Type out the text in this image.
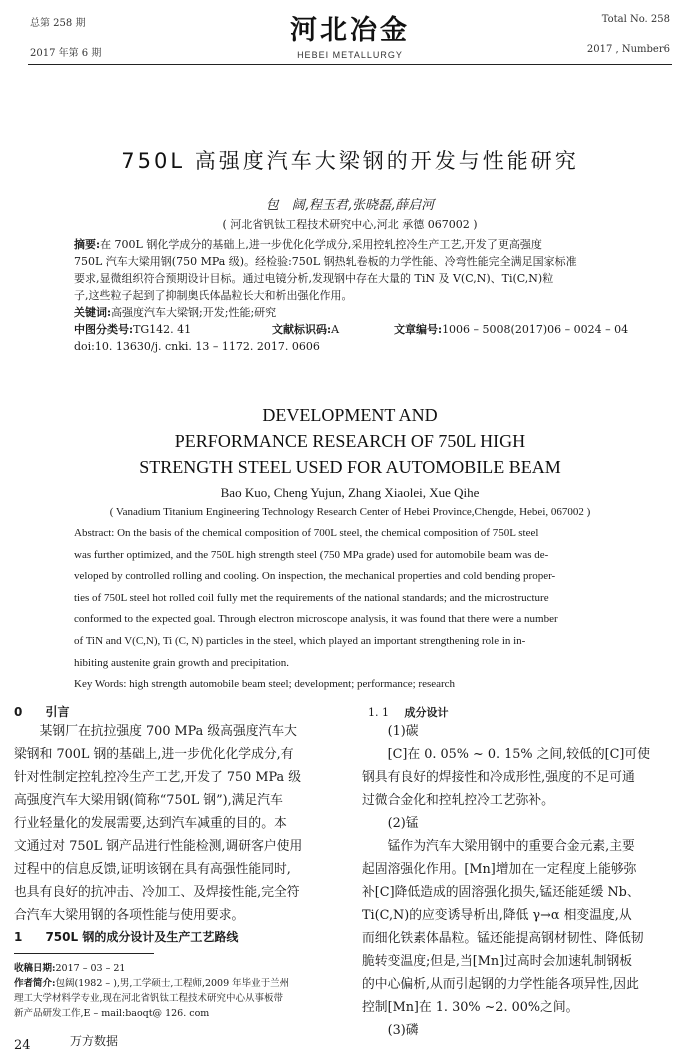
总第 258 期
2017 年第 6 期
河北冶金
HEBEI METALLURGY
Total No. 258
2017 , Number6
750L 高强度汽车大梁钢的开发与性能研究
包　阔,程玉君,张晓磊,薛启河
( 河北省钒钛工程技术研究中心,河北 承德 067002 )
摘要:在 700L 钢化学成分的基础上,进一步优化化学成分,采用控轧控冷生产工艺,开发了更高强度
750L 汽车大梁用钢(750 MPa 级)。经检验:750L 钢热轧卷板的力学性能、冷弯性能完全满足国家标准
要求,显微组织符合预期设计目标。通过电镜分析,发现钢中存在大量的 TiN 及 V(C,N)、Ti(C,N)粒
子,这些粒子起到了抑制奥氏体晶粒长大和析出强化作用。
关键词:高强度汽车大梁钢;开发;性能;研究
中图分类号:TG142. 41	文献标识码:A	文章编号:1006 – 5008(2017)06 – 0024 – 04
doi:10. 13630/j. cnki. 13 – 1172. 2017. 0606
DEVELOPMENT AND
PERFORMANCE RESEARCH OF 750L HIGH
STRENGTH STEEL USED FOR AUTOMOBILE BEAM
Bao Kuo, Cheng Yujun, Zhang Xiaolei, Xue Qihe
( Vanadium Titanium Engineering Technology Research Center of Hebei Province,Chengde, Hebei, 067002 )
Abstract: On the basis of the chemical composition of 700L steel, the chemical composition of 750L steel
was further optimized, and the 750L high strength steel (750 MPa grade) used for automobile beam was de-
veloped by controlled rolling and cooling. On inspection, the mechanical properties and cold bending proper-
ties of 750L steel hot rolled coil fully met the requirements of the national standards; and the microstructure
conformed to the expected goal. Through electron microscope analysis, it was found that there were a number
of TiN and V(C,N), Ti (C, N) particles in the steel, which played an important strengthening role in in-
hibiting austenite grain growth and precipitation.
Key Words: high strength automobile beam steel; development; performance; research
0 引言
　　某钢厂在抗拉强度 700 MPa 级高强度汽车大
梁钢和 700L 钢的基础上,进一步优化化学成分,有
针对性制定控轧控冷生产工艺,开发了 750 MPa 级
高强度汽车大梁用钢(简称“750L 钢”),满足汽车
行业轻量化的发展需要,达到汽车减重的目的。本
文通过对 750L 钢产品进行性能检测,调研客户使用
过程中的信息反馈,证明该钢在具有高强性能同时,
也具有良好的抗冲击、冷加工、及焊接性能,完全符
合汽车大梁用钢的各项性能与使用要求。
1 750L 钢的成分设计及生产工艺路线
收稿日期:2017 – 03 – 21
作者简介:包阔(1982 – ),男,工学硕士,工程师,2009 年毕业于兰州
理工大学材料学专业,现在河北省钒钛工程技术研究中心从事板带
新产品研发工作,E – mail:baoqt@ 126. com
24	万方数据
1. 1 成分设计
　　(1)碳
　　[C]在 0. 05% ~ 0. 15% 之间,较低的[C]可使
钢具有良好的焊接性和冷成形性,强度的不足可通
过微合金化和控轧控冷工艺弥补。
　　(2)锰
　　锰作为汽车大梁用钢中的重要合金元素,主要
起固溶强化作用。[Mn]增加在一定程度上能够弥
补[C]降低造成的固溶强化损失,锰还能延缓 Nb、
Ti(C,N)的应变诱导析出,降低 γ→α 相变温度,从
而细化铁素体晶粒。锰还能提高钢材韧性、降低韧
脆转变温度;但是,当[Mn]过高时会加速轧制钢板
的中心偏析,从而引起钢的力学性能各项异性,因此
控制[Mn]在 1. 30% ~2. 00%之间。
　　(3)磷
